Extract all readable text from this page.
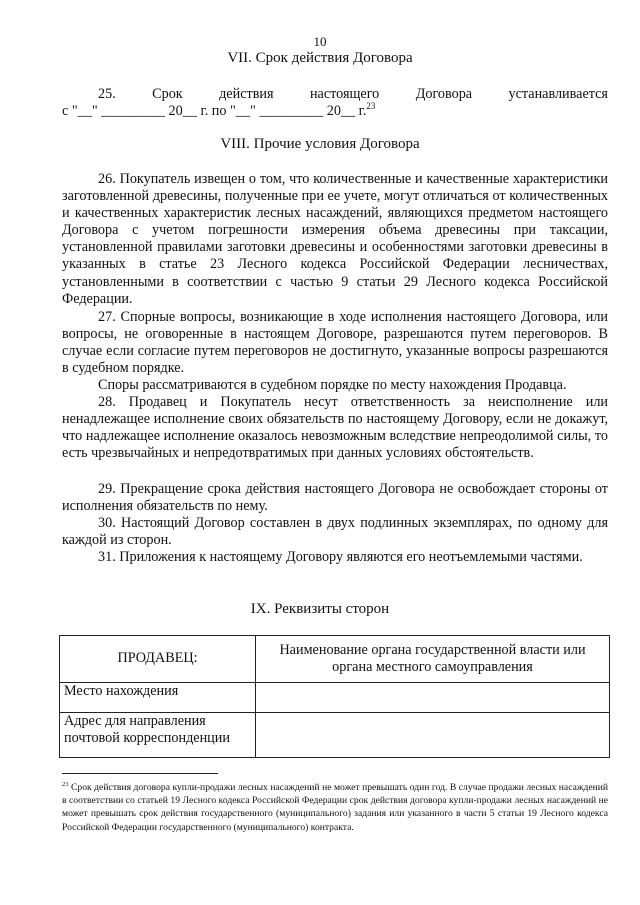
10
VII. Срок действия Договора
25.	Срок	действия	настоящего	Договора	устанавливается
с "__" _________ 20__ г. по "__" _________ 20__ г.$^{23}$
VIII. Прочие условия Договора

26. Покупатель извещен о том, что количественные и качественные характеристики заготовленной древесины, полученные при ее учете, могут отличаться от количественных и качественных характеристик лесных насаждений, являющихся предметом настоящего Договора с учетом погрешности измерения объема древесины при таксации, установленной правилами заготовки древесины и особенностями заготовки древесины в указанных в статье 23 Лесного кодекса Российской Федерации лесничествах, установленными в соответствии с частью 9 статьи 29 Лесного кодекса Российской Федерации.

27. Спорные вопросы, возникающие в ходе исполнения настоящего Договора, или вопросы, не оговоренные в настоящем Договоре, разрешаются путем переговоров. В случае если согласие путем переговоров не достигнуто, указанные вопросы разрешаются в судебном порядке.

Споры рассматриваются в судебном порядке по месту нахождения Продавца.

28. Продавец и Покупатель несут ответственность за неисполнение или ненадлежащее исполнение своих обязательств по настоящему Договору, если не докажут, что надлежащее исполнение оказалось невозможным вследствие непреодолимой силы, то есть чрезвычайных и непредотвратимых при данных условиях обстоятельств.

29. Прекращение срока действия настоящего Договора не освобождает стороны от исполнения обязательств по нему.

30. Настоящий Договор составлен в двух подлинных экземплярах, по одному для каждой из сторон.

31. Приложения к настоящему Договору являются его неотъемлемыми частями.

IX. Реквизиты сторон
ПРОДАВЕЦ:	Наименование органа государственной власти или органа местного самоуправления
Место нахождения	
Адрес для направления почтовой корреспонденции	

$^{23}$ Срок действия договора купли-продажи лесных насаждений не может превышать один год. В случае продажи лесных насаждений в соответствии со статьей 19 Лесного кодекса Российской Федерации срок действия договора купли-продажи лесных насаждений не может превышать срок действия государственного (муниципального) задания или указанного в части 5 статьи 19 Лесного кодекса Российской Федерации государственного (муниципального) контракта.
